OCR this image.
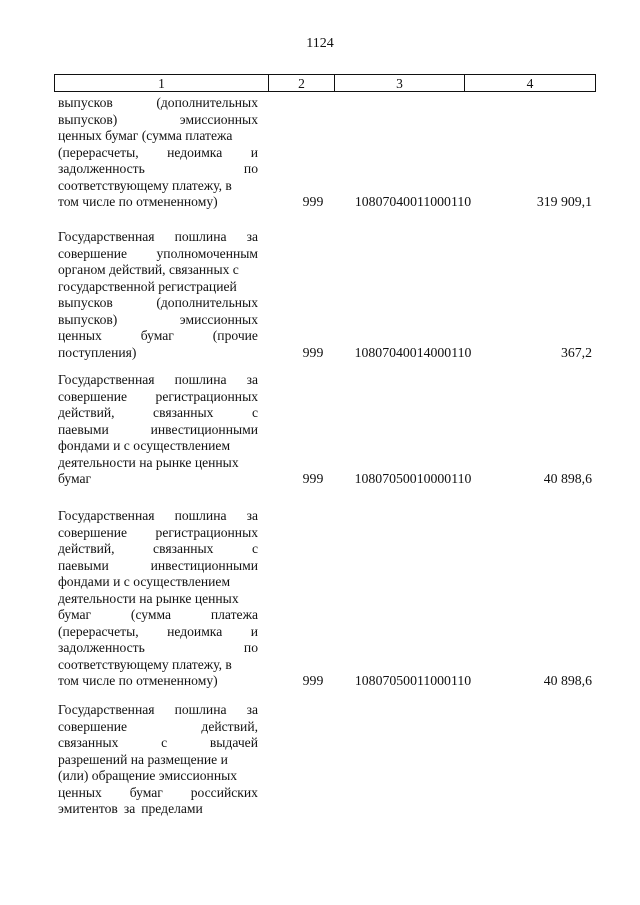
1124
1	2	3	4
выпусков	(дополнительных
выпусков)	эмиссионных
ценных бумаг (сумма платежа
(перерасчеты, недоимка и
задолженность	по
соответствующему платежу, в
том числе по отмененному)	999	10807040011000110	319 909,1
Государственная пошлина за
совершение уполномоченным
органом действий, связанных с
государственной регистрацией
выпусков	(дополнительных
выпусков)	эмиссионных
ценных	бумаг	(прочие
поступления)	999	10807040014000110	367,2
Государственная пошлина за
совершение регистрационных
действий,	связанных	с
паевыми	инвестиционными
фондами и с осуществлением
деятельности на рынке ценных
бумаг	999	10807050010000110	40 898,6
Государственная пошлина за
совершение регистрационных
действий,	связанных	с
паевыми	инвестиционными
фондами и с осуществлением
деятельности на рынке ценных
бумаг	(сумма	платежа
(перерасчеты, недоимка и
задолженность	по
соответствующему платежу, в
том числе по отмененному)	999	10807050011000110	40 898,6
Государственная пошлина за
совершение	действий,
связанных	с	выдачей
разрешений на размещение и
(или) обращение эмиссионных
ценных бумаг российских
эмитентов за пределами
